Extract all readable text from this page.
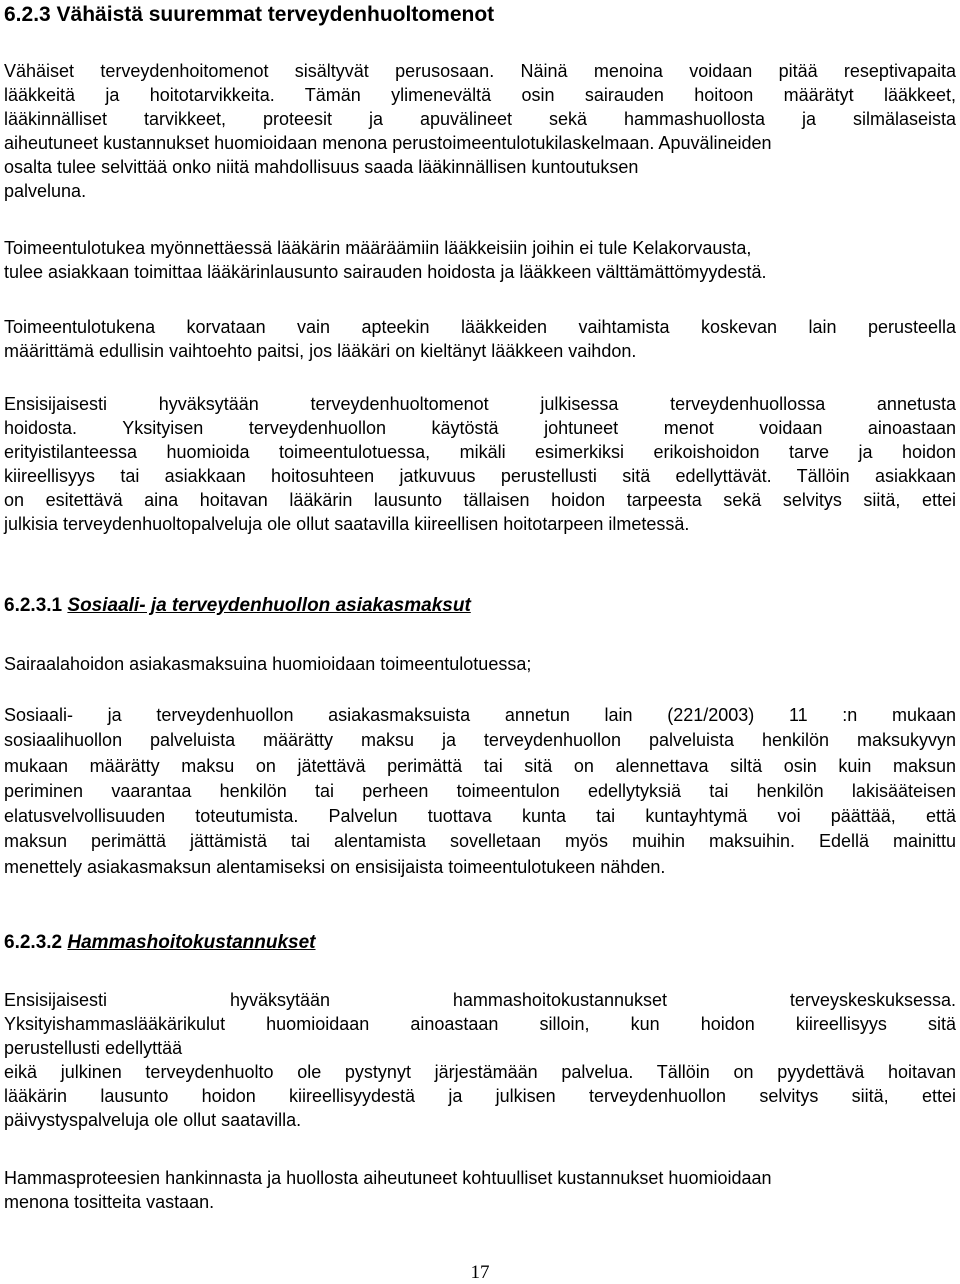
6.2.3 Vähäistä suuremmat terveydenhuoltomenot
Vähäiset terveydenhoitomenot sisältyvät perusosaan. Näinä menoina voidaan pitää reseptivapaita
lääkkeitä ja hoitotarvikkeita. Tämän ylimenevältä osin sairauden hoitoon määrätyt lääkkeet,
lääkinnälliset tarvikkeet, proteesit ja apuvälineet sekä hammashuollosta ja silmälaseista
aiheutuneet kustannukset huomioidaan menona perustoimeentulotukilaskelmaan. Apuvälineiden
osalta tulee selvittää onko niitä mahdollisuus saada lääkinnällisen kuntoutuksen
palveluna.
Toimeentulotukea myönnettäessä lääkärin määräämiin lääkkeisiin joihin ei tule Kelakorvausta,
tulee asiakkaan toimittaa lääkärinlausunto sairauden hoidosta ja lääkkeen välttämättömyydestä.
Toimeentulotukena korvataan vain apteekin lääkkeiden vaihtamista koskevan lain perusteella
määrittämä edullisin vaihtoehto paitsi, jos lääkäri on kieltänyt lääkkeen vaihdon.
Ensisijaisesti hyväksytään terveydenhuoltomenot julkisessa terveydenhuollossa annetusta
hoidosta. Yksityisen terveydenhuollon käytöstä johtuneet menot voidaan ainoastaan
erityistilanteessa huomioida toimeentulotuessa, mikäli esimerkiksi erikoishoidon tarve ja hoidon
kiireellisyys tai asiakkaan hoitosuhteen jatkuvuus perustellusti sitä edellyttävät. Tällöin asiakkaan
on esitettävä aina hoitavan lääkärin lausunto tällaisen hoidon tarpeesta sekä selvitys siitä, ettei
julkisia terveydenhuoltopalveluja ole ollut saatavilla kiireellisen hoitotarpeen ilmetessä.
6.2.3.1 Sosiaali- ja terveydenhuollon asiakasmaksut
Sairaalahoidon asiakasmaksuina huomioidaan toimeentulotuessa;
Sosiaali- ja terveydenhuollon asiakasmaksuista annetun lain (221/2003) 11 :n mukaan
sosiaalihuollon palveluista määrätty maksu ja terveydenhuollon palveluista henkilön maksukyvyn
mukaan määrätty maksu on jätettävä perimättä tai sitä on alennettava siltä osin kuin maksun
periminen vaarantaa henkilön tai perheen toimeentulon edellytyksiä tai henkilön lakisääteisen
elatusvelvollisuuden toteutumista. Palvelun tuottava kunta tai kuntayhtymä voi päättää, että
maksun perimättä jättämistä tai alentamista sovelletaan myös muihin maksuihin. Edellä mainittu
menettely asiakasmaksun alentamiseksi on ensisijaista toimeentulotukeen nähden.
6.2.3.2 Hammashoitokustannukset
Ensisijaisesti hyväksytään hammashoitokustannukset terveyskeskuksessa.
Yksityishammaslääkärikulut huomioidaan ainoastaan silloin, kun hoidon kiireellisyys sitä
perustellusti edellyttää
eikä julkinen terveydenhuolto ole pystynyt järjestämään palvelua. Tällöin on pyydettävä hoitavan
lääkärin lausunto hoidon kiireellisyydestä ja julkisen terveydenhuollon selvitys siitä, ettei
päivystyspalveluja ole ollut saatavilla.
Hammasproteesien hankinnasta ja huollosta aiheutuneet kohtuulliset kustannukset huomioidaan
menona tositteita vastaan.
17
